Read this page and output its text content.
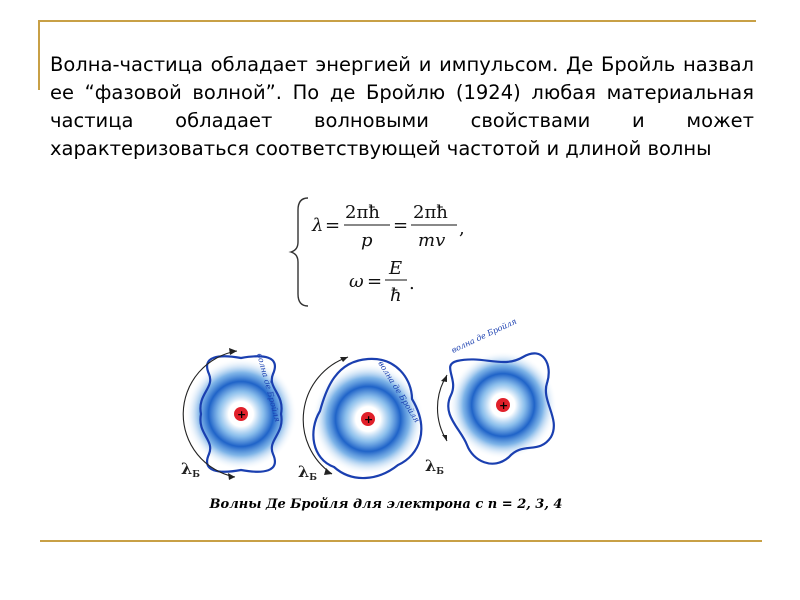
Волна-частица обладает энергией и импульсом. Де Бройль назвал ее “фазовой волной”. По де Бройлю (1924) любая материальная частица обладает волновыми свойствами и может характеризоваться соответствующей частотой и длиной волны

λ =
2πħ
p
=
2πħ
mv
,
ω =
E
ħ
.
+ волна де Бройля
λБ
+ волна де Бройля
λБ
+
волна де Бройля
λБ
Волны Де Бройля для электрона с n = 2, 3, 4
